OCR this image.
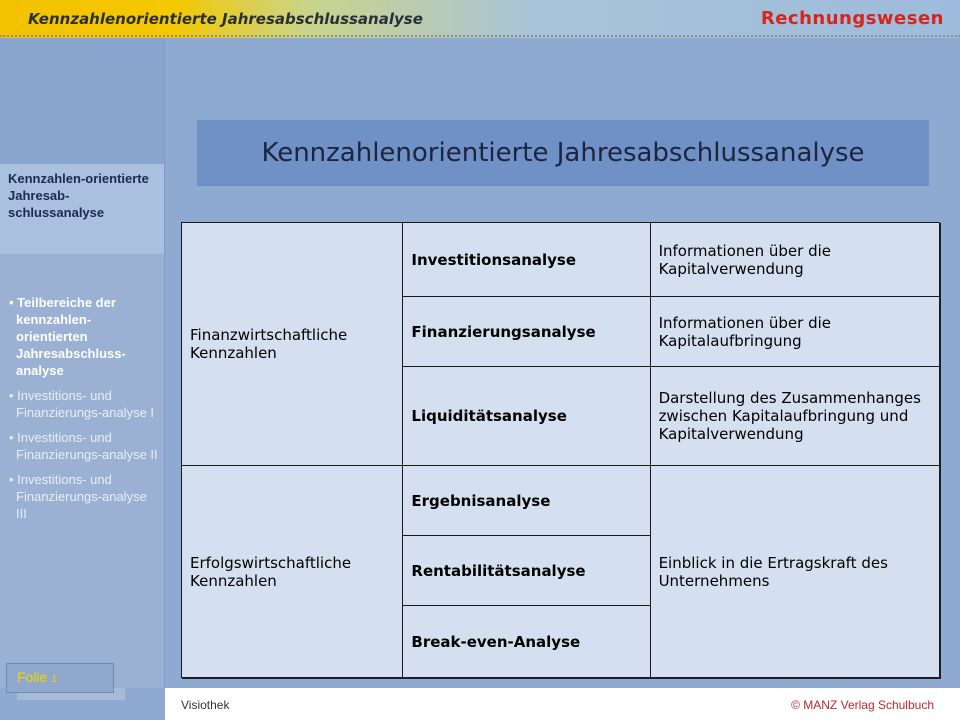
Kennzahlenorientierte Jahresabschlussanalyse	Rechnungswesen
Kennzahlen-orientierte Jahresab-schlussanalyse
• Teilbereiche der kennzahlen-orientierten Jahresabschluss-analyse
• Investitions- und Finanzierungs-analyse I
• Investitions- und Finanzierungs-analyse II
• Investitions- und Finanzierungs-analyse III
Folie 1
Kennzahlenorientierte Jahresabschlussanalyse
Finanzwirtschaftliche Kennzahlen	Investitionsanalyse	Informationen über die Kapitalverwendung
	Finanzierungsanalyse	Informationen über die Kapitalaufbringung
	Liquiditätsanalyse	Darstellung des Zusammenhanges zwischen Kapitalaufbringung und Kapitalverwendung
Erfolgswirtschaftliche Kennzahlen	Ergebnisanalyse	Einblick in die Ertragskraft des Unternehmens
	Rentabilitätsanalyse	
	Break-even-Analyse	
Visiothek	© MANZ Verlag Schulbuch
